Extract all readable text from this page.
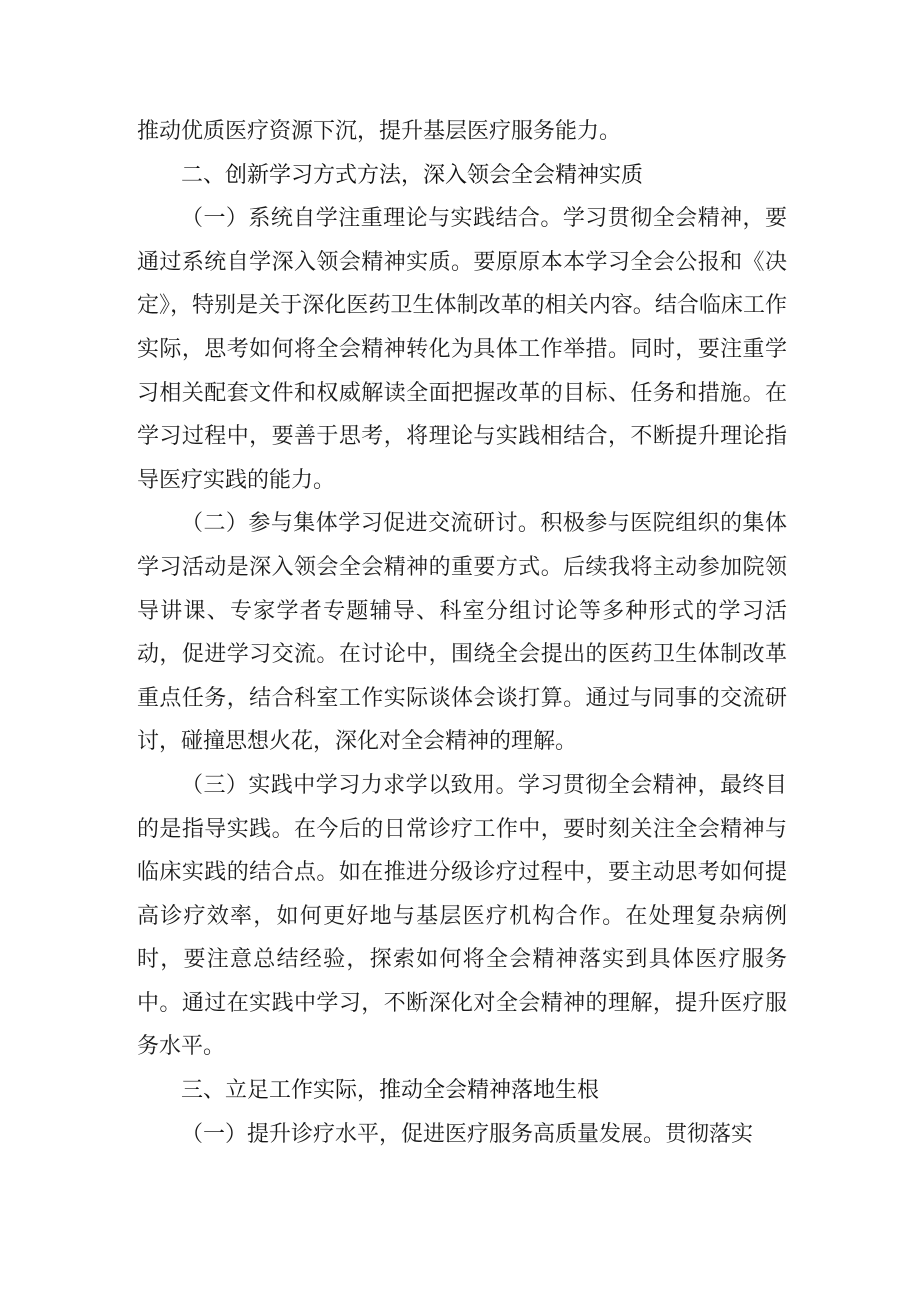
推动优质医疗资源下沉，提升基层医疗服务能力。

二、创新学习方式方法，深入领会全会精神实质

（一）系统自学注重理论与实践结合。学习贯彻全会精神，要通过系统自学深入领会精神实质。要原原本本学习全会公报和《决定》，特别是关于深化医药卫生体制改革的相关内容。结合临床工作实际，思考如何将全会精神转化为具体工作举措。同时，要注重学习相关配套文件和权威解读全面把握改革的目标、任务和措施。在学习过程中，要善于思考，将理论与实践相结合，不断提升理论指导医疗实践的能力。

（二）参与集体学习促进交流研讨。积极参与医院组织的集体学习活动是深入领会全会精神的重要方式。后续我将主动参加院领导讲课、专家学者专题辅导、科室分组讨论等多种形式的学习活动，促进学习交流。在讨论中，围绕全会提出的医药卫生体制改革重点任务，结合科室工作实际谈体会谈打算。通过与同事的交流研讨，碰撞思想火花，深化对全会精神的理解。

（三）实践中学习力求学以致用。学习贯彻全会精神，最终目的是指导实践。在今后的日常诊疗工作中，要时刻关注全会精神与临床实践的结合点。如在推进分级诊疗过程中，要主动思考如何提高诊疗效率，如何更好地与基层医疗机构合作。在处理复杂病例时，要注意总结经验，探索如何将全会精神落实到具体医疗服务中。通过在实践中学习，不断深化对全会精神的理解，提升医疗服务水平。

三、立足工作实际，推动全会精神落地生根

（一）提升诊疗水平，促进医疗服务高质量发展。贯彻落实
